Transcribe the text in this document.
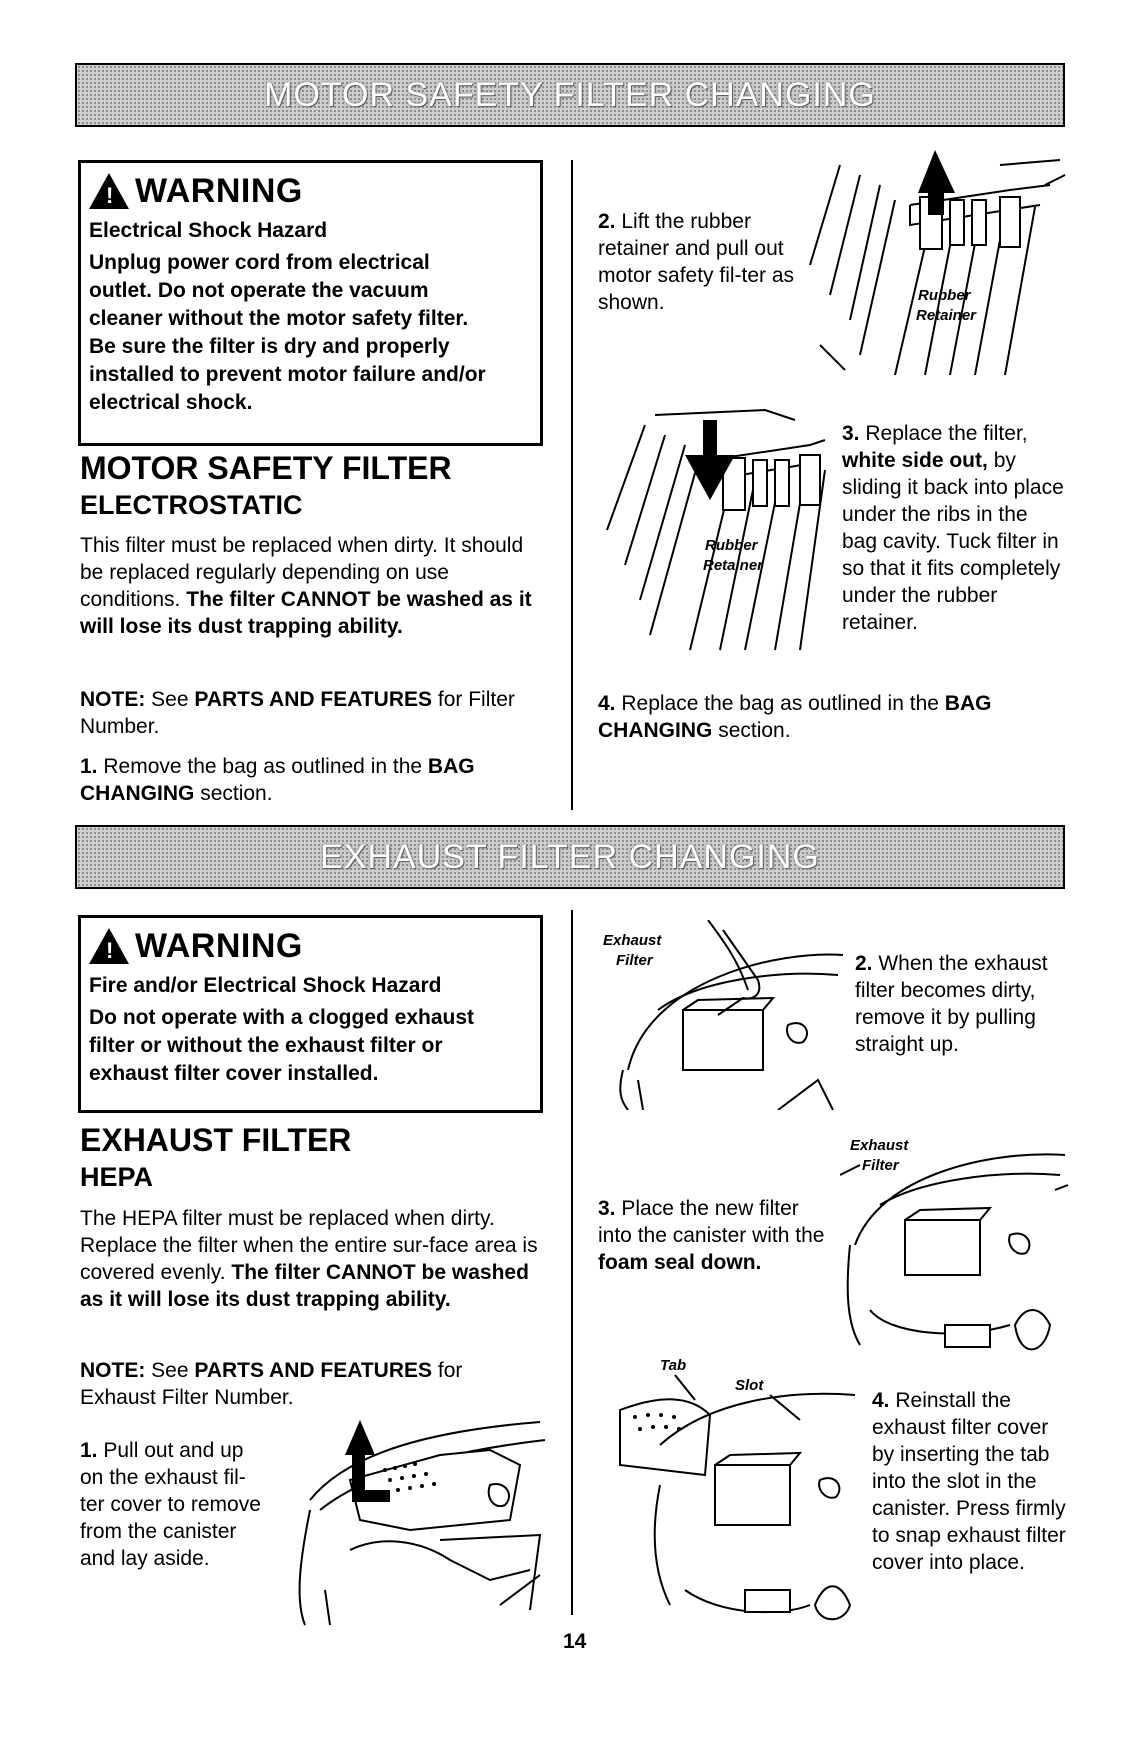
MOTOR SAFETY FILTER CHANGING
! WARNING
Electrical Shock Hazard
Unplug power cord from electrical
outlet. Do not operate the vacuum
cleaner without the motor safety filter.
Be sure the filter is dry and properly
installed to prevent motor failure and/or
electrical shock.
MOTOR SAFETY FILTER
ELECTROSTATIC
This filter must be replaced when dirty. It should be replaced regularly depending on use conditions. The filter CANNOT be washed as it will lose its dust trapping ability.
NOTE: See PARTS AND FEATURES for Filter Number.
1. Remove the bag as outlined in the BAG CHANGING section.
2. Lift the rubber retainer and pull out motor safety fil-ter as shown.	Rubber
Retainer
Rubber
Retainer
3. Replace the filter, white side out, by sliding it back into place under the ribs in the bag cavity. Tuck filter in so that it fits completely under the rubber retainer.
4. Replace the bag as outlined in the BAG CHANGING section.
EXHAUST FILTER CHANGING
! WARNING
Fire and/or Electrical Shock Hazard
Do not operate with a clogged exhaust
filter or without the exhaust filter or
exhaust filter cover installed.
EXHAUST FILTER
HEPA
The HEPA filter must be replaced when dirty. Replace the filter when the entire sur-face area is covered evenly. The filter CANNOT be washed as it will lose its dust trapping ability.
NOTE: See PARTS AND FEATURES for Exhaust Filter Number.
1. Pull out and up on the exhaust fil-ter cover to remove from the canister and lay aside.
Exhaust
Filter	2. When the exhaust filter becomes dirty, remove it by pulling straight up.
3. Place the new filter into the canister with the foam seal down.
Exhaust
Filter
Tab
Slot
4. Reinstall the exhaust filter cover by inserting the tab into the slot in the canister. Press firmly to snap exhaust filter cover into place.
14
